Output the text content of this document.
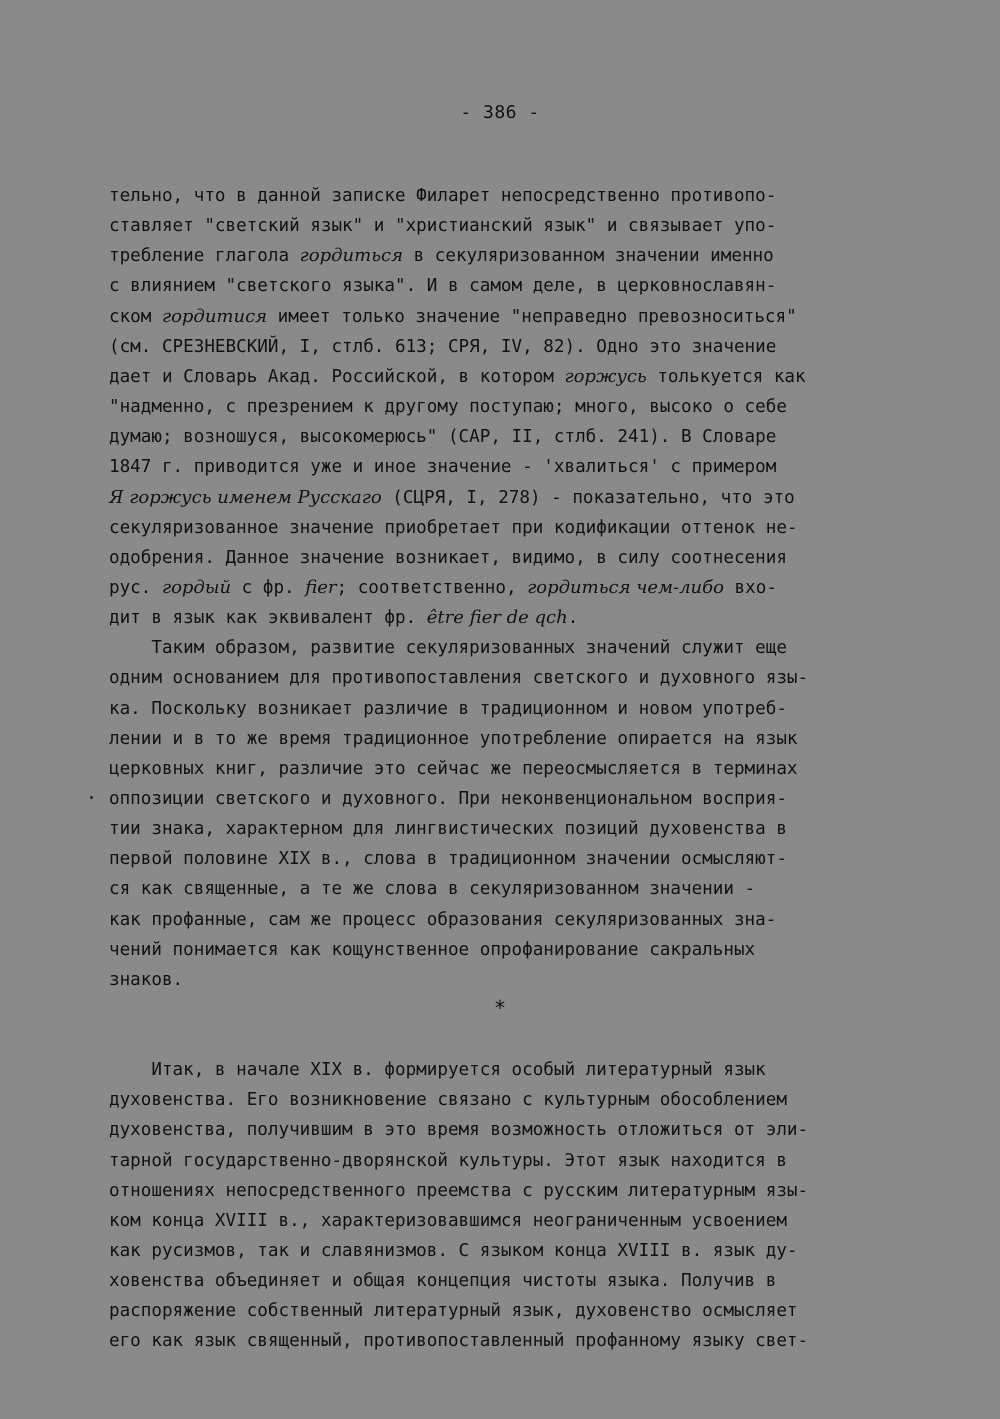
- 386 -
тельно, что в данной записке Филарет непосредственно противопо-
ставляет "светский язык" и "христианский язык" и связывает упо-
требление глагола гордиться в секуляризованном значении именно
с влиянием "светского языка". И в самом деле, в церковнославян-
ском гордитися имеет только значение "неправедно превозноситься"
(см. СРЕЗНЕВСКИЙ, I, стлб. 613; СРЯ, IV, 82). Одно это значение
дает и Словарь Акад. Российской, в котором горжусь толькуется как
"надменно, с презрением к другому поступаю; много, высоко о себе
думаю; возношуся, высокомерюсь" (САР, II, стлб. 241). В Словаре
1847 г. приводится уже и иное значение - 'хвалиться' с примером
Я горжусь именем Русскаго (СЦРЯ, I, 278) - показательно, что это
секуляризованное значение приобретает при кодификации оттенок не-
одобрения. Данное значение возникает, видимо, в силу соотнесения
рус. гордый с фр. fier; соответственно, гордиться чем-либо вхо-
дит в язык как эквивалент фр. être fier de qch.
Таким образом, развитие секуляризованных значений служит еще
одним основанием для противопоставления светского и духовного язы-
ка. Поскольку возникает различие в традиционном и новом употреб-
лении и в то же время традиционное употребление опирается на язык
церковных книг, различие это сейчас же переосмысляется в терминах
оппозиции светского и духовного. При неконвенциональном восприя-
тии знака, характерном для лингвистических позиций духовенства в
первой половине XIX в., слова в традиционном значении осмысляют-
ся как священные, а те же слова в секуляризованном значении -
как профанные, сам же процесс образования секуляризованных зна-
чений понимается как кощунственное опрофанирование сакральных
знаков.
Итак, в начале XIX в. формируется особый литературный язык
духовенства. Его возникновение связано с культурным обособлением
духовенства, получившим в это время возможность отложиться от эли-
тарной государственно-дворянской культуры. Этот язык находится в
отношениях непосредственного преемства с русским литературным язы-
ком конца XVIII в., характеризовавшимся неограниченным усвоением
как русизмов, так и славянизмов. С языком конца XVIII в. язык ду-
ховенства объединяет и общая концепция чистоты языка. Получив в
распоряжение собственный литературный язык, духовенство осмысляет
его как язык священный, противопоставленный профанному языку свет-
*
